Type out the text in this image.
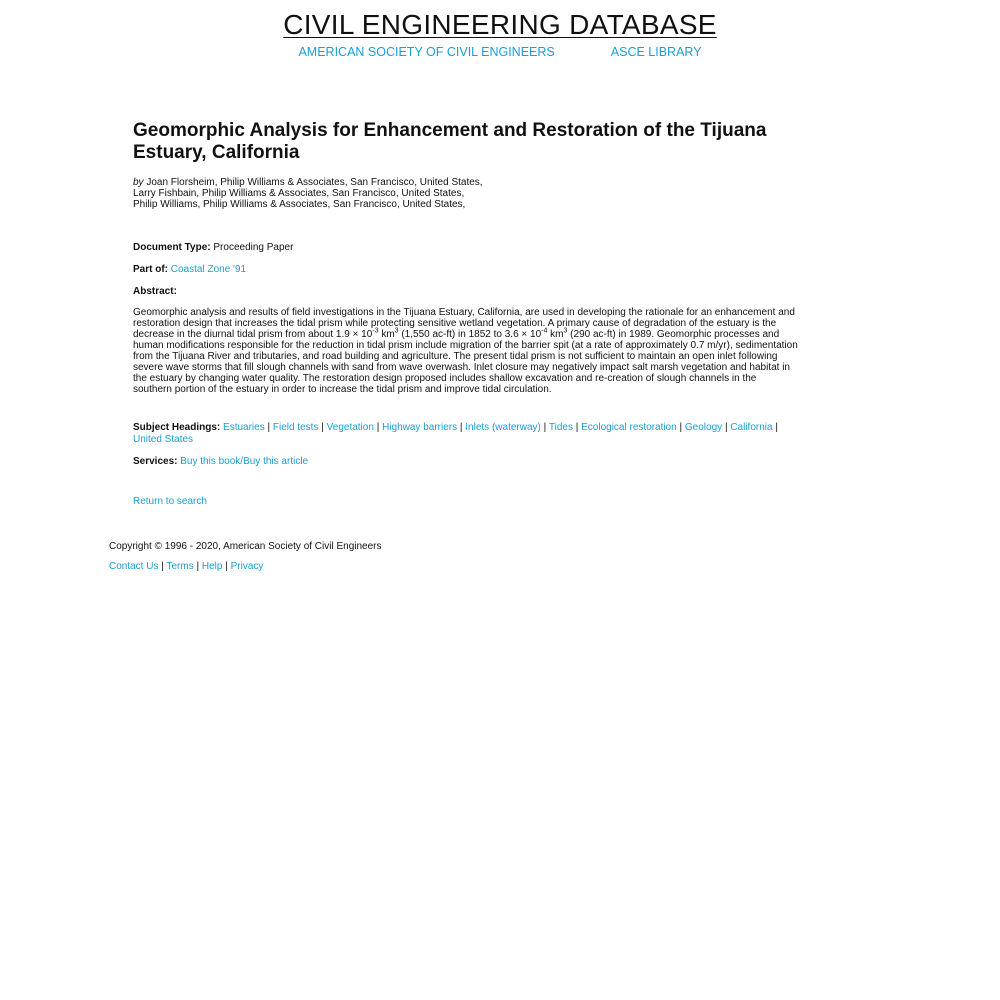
CIVIL ENGINEERING DATABASE
AMERICAN SOCIETY OF CIVIL ENGINEERS	ASCE LIBRARY
Geomorphic Analysis for Enhancement and Restoration of the Tijuana Estuary, California
by Joan Florsheim, Philip Williams & Associates, San Francisco, United States,
Larry Fishbain, Philip Williams & Associates, San Francisco, United States,
Philip Williams, Philip Williams & Associates, San Francisco, United States,
Document Type: Proceeding Paper
Part of: Coastal Zone '91
Abstract:
Geomorphic analysis and results of field investigations in the Tijuana Estuary, California, are used in developing the rationale for an enhancement and restoration design that increases the tidal prism while protecting sensitive wetland vegetation. A primary cause of degradation of the estuary is the decrease in the diurnal tidal prism from about $1.9 \times 10^{-3}$ $km^3$ (1,550 ac-ft) in 1852 to $3.6 \times 10^{-4}$ $km^3$ (290 ac-ft) in 1989. Geomorphic processes and human modifications responsible for the reduction in tidal prism include migration of the barrier spit (at a rate of approximately 0.7 m/yr), sedimentation from the Tijuana River and tributaries, and road building and agriculture. The present tidal prism is not sufficient to maintain an open inlet following severe wave storms that fill slough channels with sand from wave overwash. Inlet closure may negatively impact salt marsh vegetation and habitat in the estuary by changing water quality. The restoration design proposed includes shallow excavation and re-creation of slough channels in the southern portion of the estuary in order to increase the tidal prism and improve tidal circulation.
Subject Headings: Estuaries | Field tests | Vegetation | Highway barriers | Inlets (waterway) | Tides | Ecological restoration | Geology | California | United States
Services: Buy this book/Buy this article
Return to search
Copyright © 1996 - 2020, American Society of Civil Engineers
Contact Us | Terms | Help | Privacy
